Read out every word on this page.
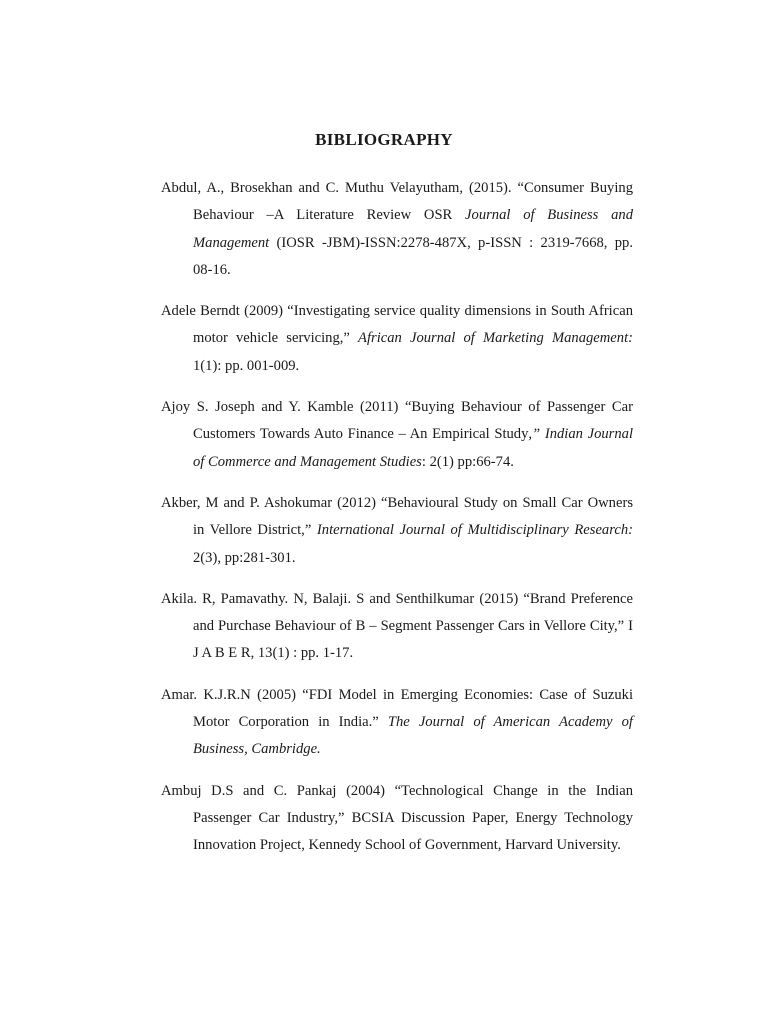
BIBLIOGRAPHY

Abdul, A., Brosekhan and C. Muthu Velayutham, (2015). “Consumer Buying Behaviour –A Literature Review OSR Journal of Business and Management (IOSR -JBM)-ISSN:2278-487X, p-ISSN : 2319-7668, pp. 08-16.

Adele Berndt (2009) “Investigating service quality dimensions in South African motor vehicle servicing,” African Journal of Marketing Management: 1(1): pp. 001-009.

Ajoy S. Joseph and Y. Kamble (2011) “Buying Behaviour of Passenger Car Customers Towards Auto Finance – An Empirical Study,” Indian Journal of Commerce and Management Studies: 2(1) pp:66-74.

Akber, M and P. Ashokumar (2012) “Behavioural Study on Small Car Owners in Vellore District,” International Journal of Multidisciplinary Research: 2(3), pp:281-301.

Akila. R, Pamavathy. N, Balaji. S and Senthilkumar (2015) “Brand Preference and Purchase Behaviour of B – Segment Passenger Cars in Vellore City,” I J A B E R, 13(1) : pp. 1-17.

Amar. K.J.R.N (2005) “FDI Model in Emerging Economies: Case of Suzuki Motor Corporation in India.” The Journal of American Academy of Business, Cambridge.

Ambuj D.S and C. Pankaj (2004) “Technological Change in the Indian Passenger Car Industry,” BCSIA Discussion Paper, Energy Technology Innovation Project, Kennedy School of Government, Harvard University.
